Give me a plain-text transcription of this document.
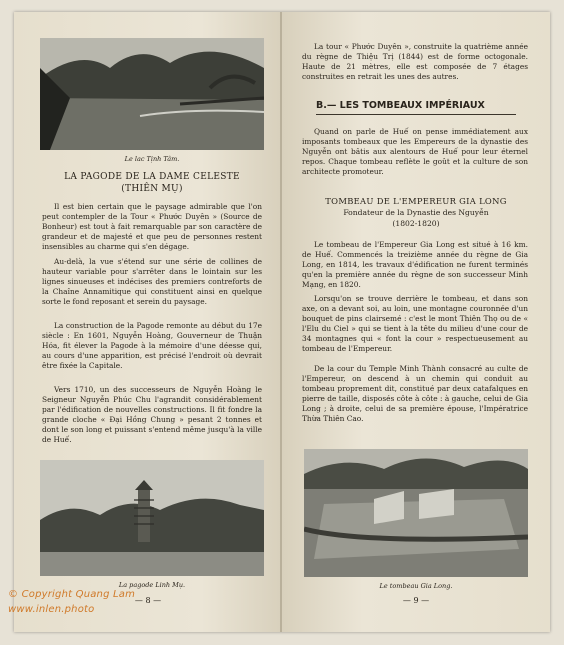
Le lac Tịnh Tâm.
LA PAGODE DE LA DAME CELESTE
(THIÊN MỤ)

Il est bien certain que le paysage admirable que l'on peut contempler de la Tour « Phước Duyên » (Source de Bonheur) est tout à fait remarquable par son caractère de grandeur et de majesté et que peu de personnes restent insensibles au charme qui s'en dégage.

Au-delà, la vue s'étend sur une série de collines de hauteur variable pour s'arrêter dans le lointain sur les lignes sinueuses et indécises des premiers contreforts de la Chaîne Annamitique qui constituent ainsi en quelque sorte le fond reposant et serein du paysage.

La construction de la Pagode remonte au début du 17e siècle : En 1601, Nguyễn Hoàng, Gouverneur de Thuận Hóa, fit élever la Pagode à la mémoire d'une déesse qui, au cours d'une apparition, est précisé l'endroit où devrait être fixée la Capitale.

Vers 1710, un des successeurs de Nguyễn Hoàng le Seigneur Nguyễn Phúc Chu l'agrandit considérablement par l'édification de nouvelles constructions. Il fit fondre la grande cloche « Đại Hồng Chung » pesant 2 tonnes et dont le son long et puissant s'entend même jusqu'à la ville de Huế.

La pagode Linh Mụ.
— 8 —

La tour « Phước Duyên », construite la quatrième année du règne de Thiệu Trị (1844) est de forme octogonale. Haute de 21 mètres, elle est composée de 7 étages construites en retrait les unes des autres.

B.— LES TOMBEAUX IMPÉRIAUX

Quand on parle de Huế on pense immédiatement aux imposants tombeaux que les Empereurs de la dynastie des Nguyễn ont bâtis aux alentours de Huế pour leur éternel repos. Chaque tombeau reflète le goût et la culture de son architecte promoteur.

TOMBEAU DE L'EMPEREUR GIA LONG
Fondateur de la Dynastie des Nguyễn
(1802-1820)

Le tombeau de l'Empereur Gia Long est situé à 16 km. de Huế. Commencés la treizième année du règne de Gia Long, en 1814, les travaux d'édification ne furent terminés qu'en la première année du règne de son successeur Minh Mạng, en 1820.

Lorsqu'on se trouve derrière le tombeau, et dans son axe, on a devant soi, au loin, une montagne couronnée d'un bouquet de pins clairsemé : c'est le mont Thiên Thọ ou de « l'Elu du Ciel » qui se tient à la tête du milieu d'une cour de 34 montagnes qui « font la cour » respectueusement au tombeau de l'Empereur.

De la cour du Temple Minh Thành consacré au culte de l'Empereur, on descend à un chemin qui conduit au tombeau proprement dit, constitué par deux catafalques en pierre de taille, disposés côte à côte : à gauche, celui de Gia Long ; à droite, celui de sa première épouse, l'Impératrice Thừa Thiên Cao.

Le tombeau Gia Long.
— 9 —
© Copyright Quang Lam
www.inlen.photo
